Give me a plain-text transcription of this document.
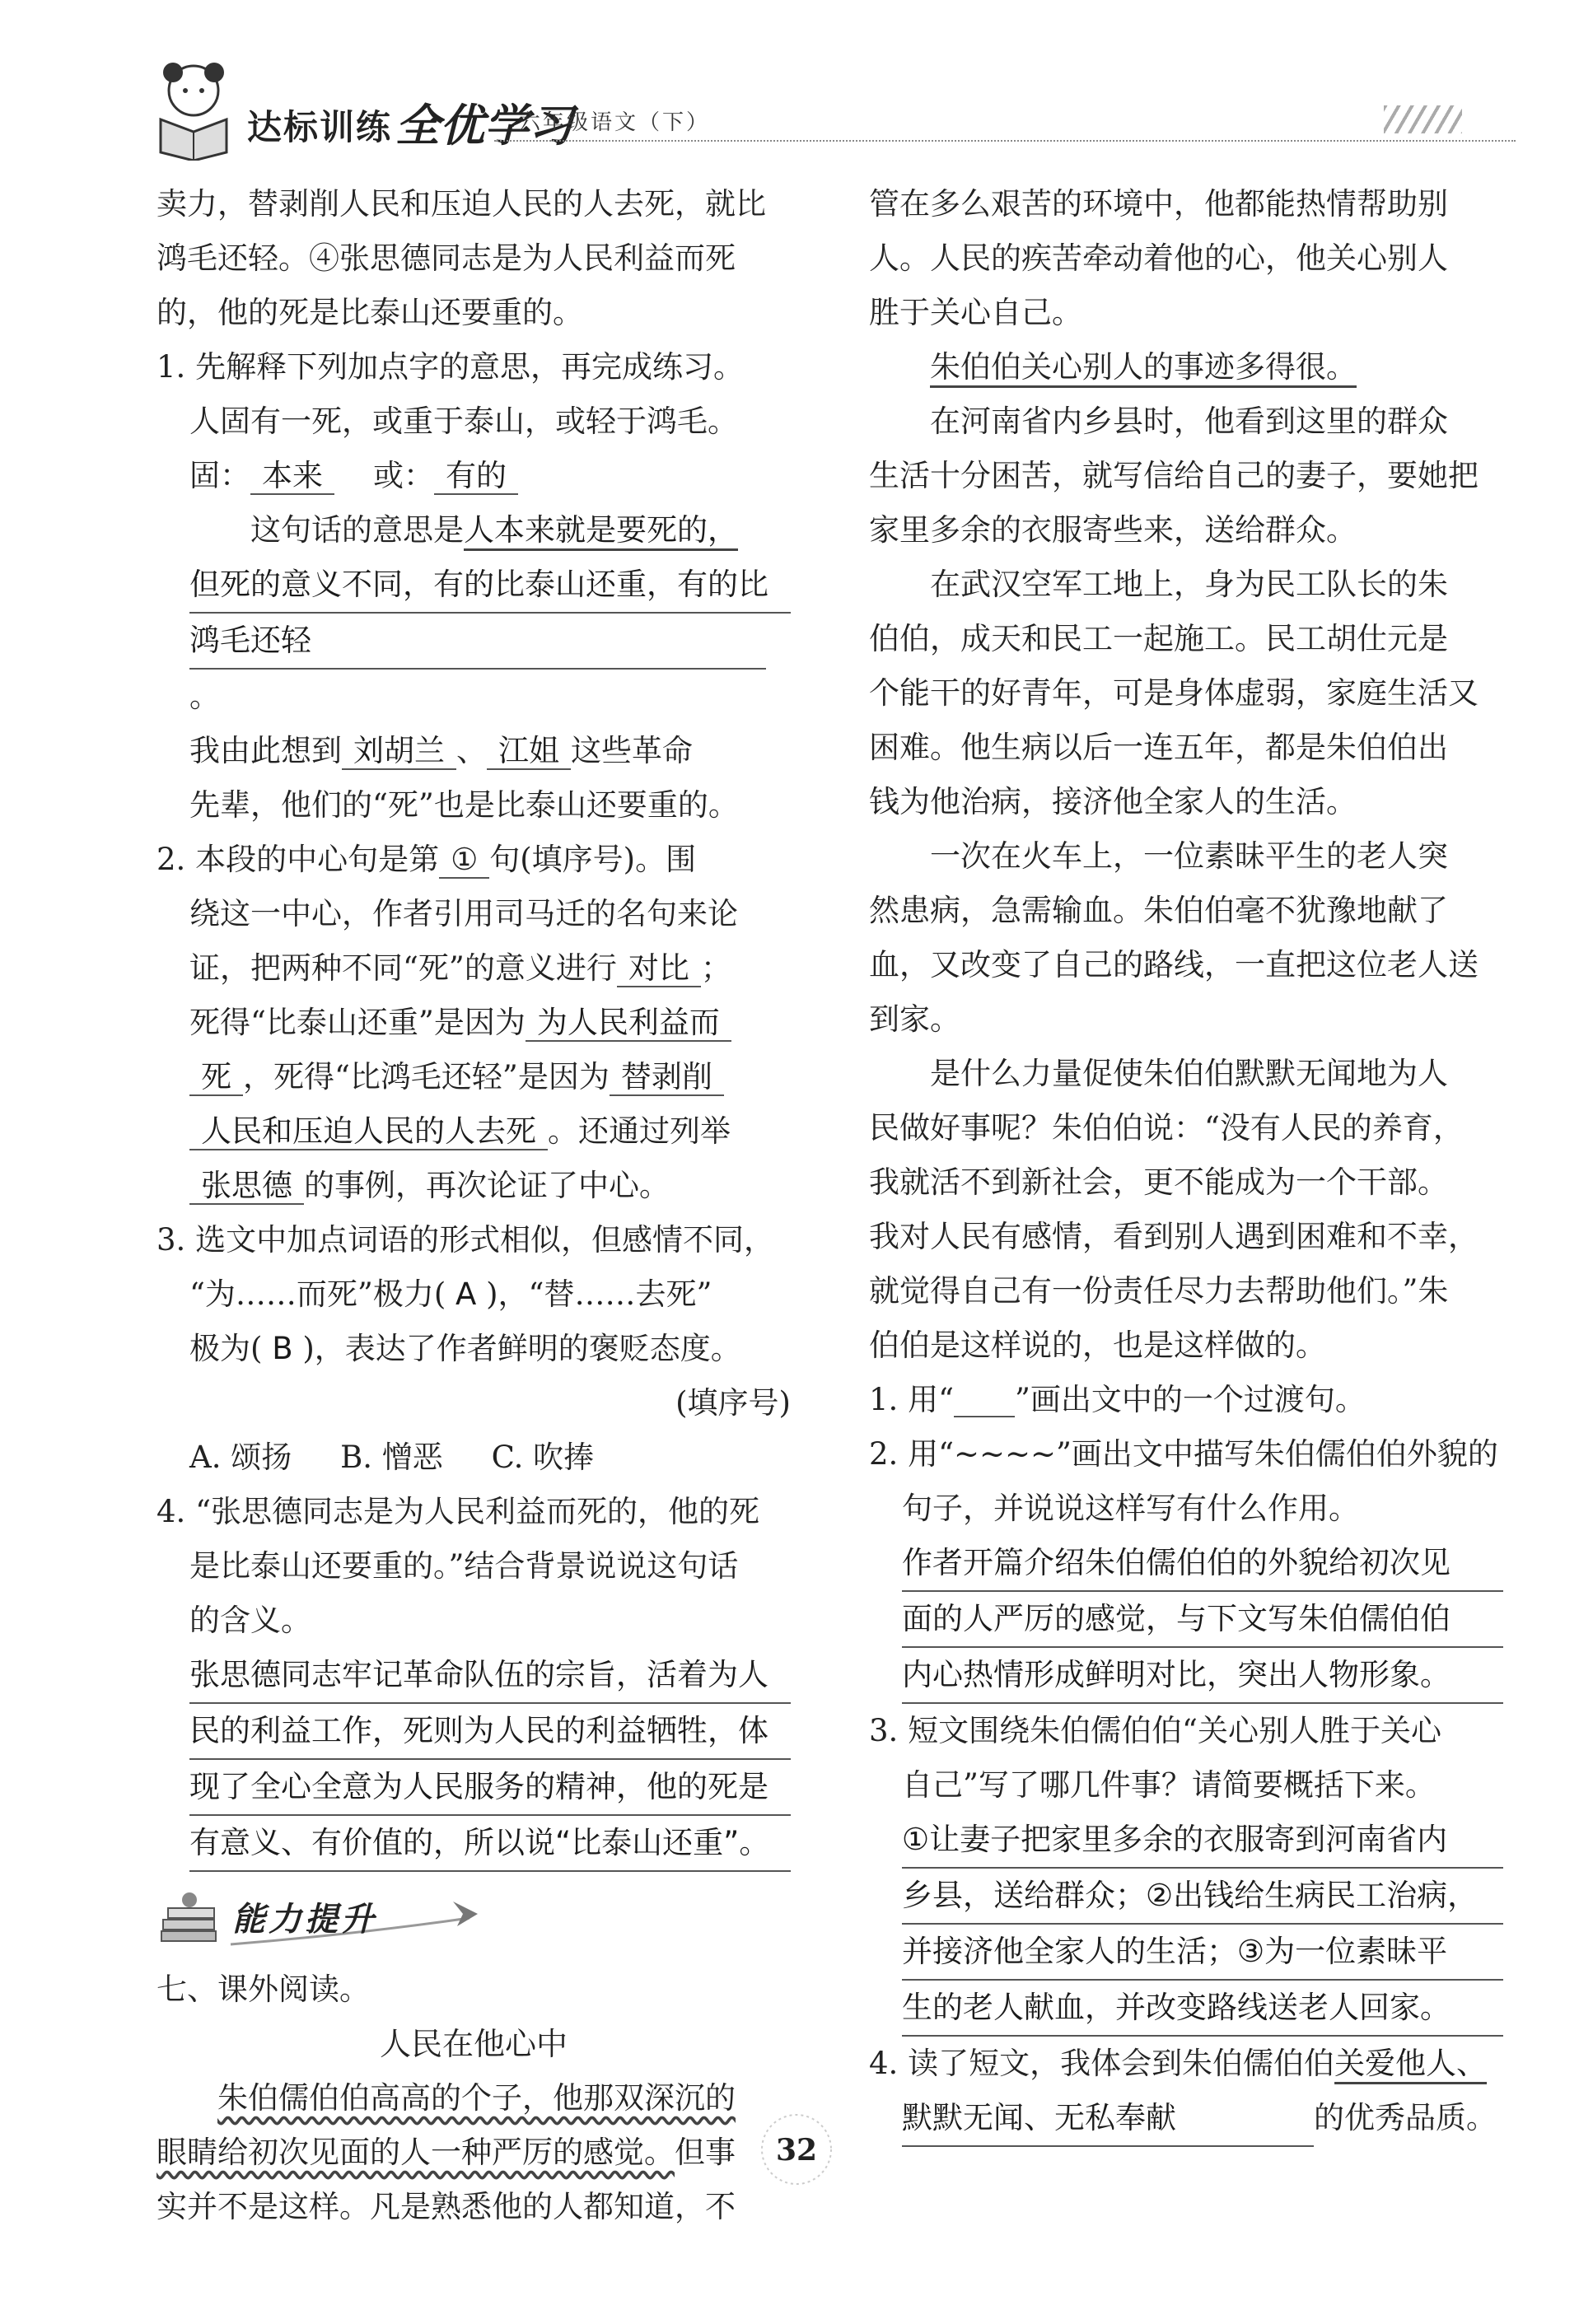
达标训练 全优学习
六年级语文（下）

卖力，替剥削人民和压迫人民的人去死，就比

鸿毛还轻。④张思德同志是为人民利益而死

的，他的死是比泰山还要重的。

1. 先解释下列加点字的意思，再完成练习。

人固有一死，或重于泰山，或轻于鸿毛。

固： 本来 或： 有的

这句话的意思是人本来就是要死的，

但死的意义不同，有的比泰山还重，有的比

鸿毛还轻。

我由此想到 刘胡兰 、 江姐 这些革命

先辈，他们的“死”也是比泰山还要重的。

2. 本段的中心句是第 ① 句(填序号)。围

绕这一中心，作者引用司马迁的名句来论

证，把两种不同“死”的意义进行 对比 ；

死得“比泰山还重”是因为 为人民利益而

死 ，死得“比鸿毛还轻”是因为 替剥削

人民和压迫人民的人去死 。还通过列举

张思德 的事例，再次论证了中心。

3. 选文中加点词语的形式相似，但感情不同，

“为……而死”极力( A )，“替……去死”

极为( B )，表达了作者鲜明的褒贬态度。

(填序号)

A. 颂扬 B. 憎恶 C. 吹捧

4. “张思德同志是为人民利益而死的，他的死

是比泰山还要重的。”结合背景说说这句话

的含义。

张思德同志牢记革命队伍的宗旨，活着为人

民的利益工作，死则为人民的利益牺牲，体

现了全心全意为人民服务的精神，他的死是

有意义、有价值的，所以说“比泰山还重”。

能力提升

七、课外阅读。

人民在他心中

朱伯儒伯伯高高的个子，他那双深沉的

眼睛给初次见面的人一种严厉的感觉。但事

实并不是这样。凡是熟悉他的人都知道，不

管在多么艰苦的环境中，他都能热情帮助别

人。人民的疾苦牵动着他的心，他关心别人

胜于关心自己。

朱伯伯关心别人的事迹多得很。

在河南省内乡县时，他看到这里的群众

生活十分困苦，就写信给自己的妻子，要她把

家里多余的衣服寄些来，送给群众。

在武汉空军工地上，身为民工队长的朱

伯伯，成天和民工一起施工。民工胡仕元是

个能干的好青年，可是身体虚弱，家庭生活又

困难。他生病以后一连五年，都是朱伯伯出

钱为他治病，接济他全家人的生活。

一次在火车上，一位素昧平生的老人突

然患病，急需输血。朱伯伯毫不犹豫地献了

血，又改变了自己的路线，一直把这位老人送

到家。

是什么力量促使朱伯伯默默无闻地为人

民做好事呢？朱伯伯说：“没有人民的养育，

我就活不到新社会，更不能成为一个干部。

我对人民有感情，看到别人遇到困难和不幸，

就觉得自己有一份责任尽力去帮助他们。”朱

伯伯是这样说的，也是这样做的。

1. 用“____”画出文中的一个过渡句。

2. 用“~~~~”画出文中描写朱伯儒伯伯外貌的

句子，并说说这样写有什么作用。

作者开篇介绍朱伯儒伯伯的外貌给初次见

面的人严厉的感觉，与下文写朱伯儒伯伯

内心热情形成鲜明对比，突出人物形象。

3. 短文围绕朱伯儒伯伯“关心别人胜于关心

自己”写了哪几件事？请简要概括下来。

①让妻子把家里多余的衣服寄到河南省内

乡县，送给群众；②出钱给生病民工治病，

并接济他全家人的生活；③为一位素昧平

生的老人献血，并改变路线送老人回家。

4. 读了短文，我体会到朱伯儒伯伯关爱他人、

默默无闻、无私奉献	的优秀品质。

32
